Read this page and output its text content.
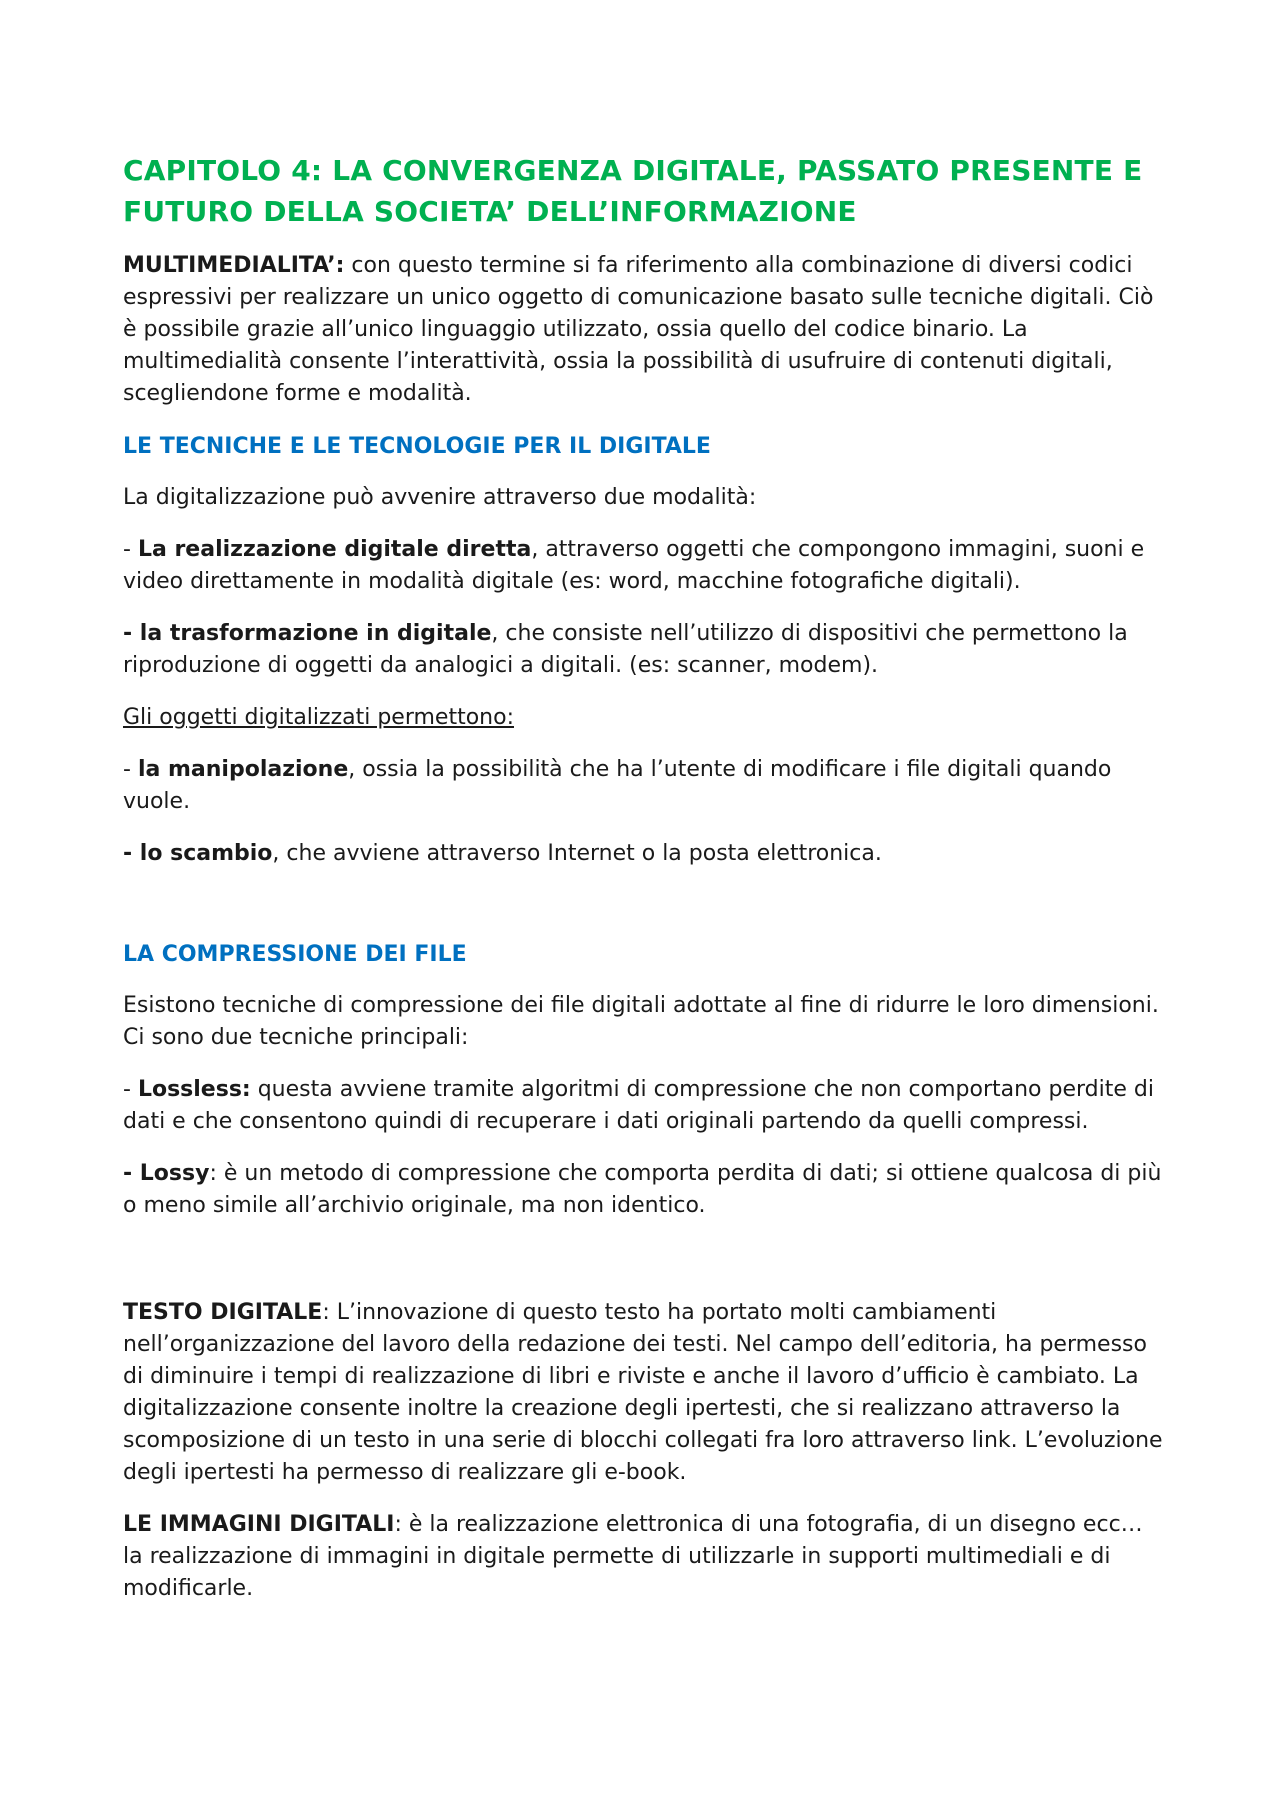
CAPITOLO 4: LA CONVERGENZA DIGITALE, PASSATO PRESENTE E FUTURO DELLA SOCIETA’ DELL’INFORMAZIONE

MULTIMEDIALITA’: con questo termine si fa riferimento alla combinazione di diversi codici espressivi per realizzare un unico oggetto di comunicazione basato sulle tecniche digitali. Ciò è possibile grazie all’unico linguaggio utilizzato, ossia quello del codice binario. La multimedialità consente l’interattività, ossia la possibilità di usufruire di contenuti digitali, scegliendone forme e modalità.

LE TECNICHE E LE TECNOLOGIE PER IL DIGITALE

La digitalizzazione può avvenire attraverso due modalità:

- La realizzazione digitale diretta, attraverso oggetti che compongono immagini, suoni e video direttamente in modalità digitale (es: word, macchine fotografiche digitali).

- la trasformazione in digitale, che consiste nell’utilizzo di dispositivi che permettono la riproduzione di oggetti da analogici a digitali. (es: scanner, modem).

Gli oggetti digitalizzati permettono:

- la manipolazione, ossia la possibilità che ha l’utente di modificare i file digitali quando vuole.

- lo scambio, che avviene attraverso Internet o la posta elettronica.

LA COMPRESSIONE DEI FILE

Esistono tecniche di compressione dei file digitali adottate al fine di ridurre le loro dimensioni. Ci sono due tecniche principali:

- Lossless: questa avviene tramite algoritmi di compressione che non comportano perdite di dati e che consentono quindi di recuperare i dati originali partendo da quelli compressi.

- Lossy: è un metodo di compressione che comporta perdita di dati; si ottiene qualcosa di più o meno simile all’archivio originale, ma non identico.

TESTO DIGITALE: L’innovazione di questo testo ha portato molti cambiamenti nell’organizzazione del lavoro della redazione dei testi. Nel campo dell’editoria, ha permesso di diminuire i tempi di realizzazione di libri e riviste e anche il lavoro d’ufficio è cambiato. La digitalizzazione consente inoltre la creazione degli ipertesti, che si realizzano attraverso la scomposizione di un testo in una serie di blocchi collegati fra loro attraverso link. L’evoluzione degli ipertesti ha permesso di realizzare gli e-book.

LE IMMAGINI DIGITALI: è la realizzazione elettronica di una fotografia, di un disegno ecc… la realizzazione di immagini in digitale permette di utilizzarle in supporti multimediali e di modificarle.
